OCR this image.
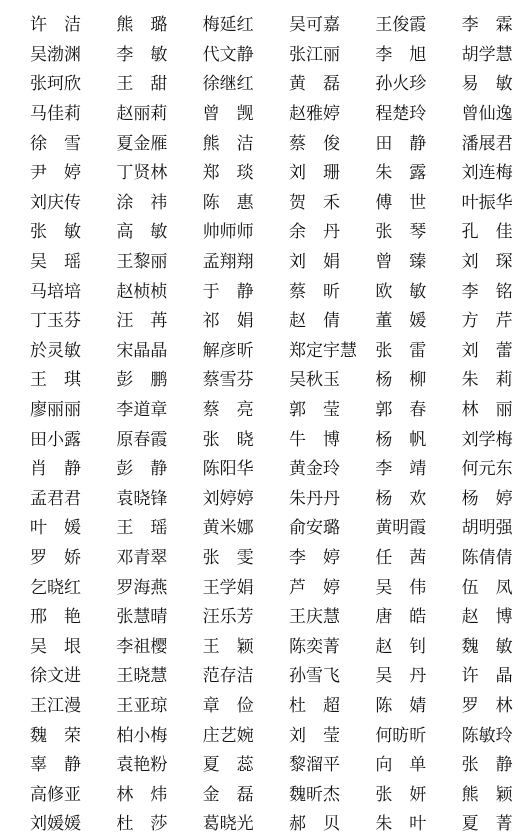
许　洁	熊　璐	梅延红	吴可嘉	王俊霞	李　霖
吴渤渊	李　敏	代文静	张江丽	李　旭	胡学慧
张珂欣	王　甜	徐继红	黄　磊	孙火珍	易　敏
马佳莉	赵丽莉	曾　觊	赵雅婷	程楚玲	曾仙逸
徐　雪	夏金雁	熊　洁	蔡　俊	田　静	潘展君
尹　婷	丁贤林	郑　琰	刘　珊	朱　露	刘连梅
刘庆传	涂　祎	陈　惠	贺　禾	傅　世	叶振华
张　敏	高　敏	帅师师	余　丹	张　琴	孔　佳
吴　瑶	王黎丽	孟翔翔	刘　娟	曾　臻	刘　琛
马培培	赵桢桢	于　静	蔡　昕	欧　敏	李　铭
丁玉芬	汪　苒	祁　娟	赵　倩	董　媛	方　芹
於灵敏	宋晶晶	解彦昕	郑定宇慧	张　雷	刘　蕾
王　琪	彭　鹏	蔡雪芬	吴秋玉	杨　柳	朱　莉
廖丽丽	李道章	蔡　亮	郭　莹	郭　春	林　丽
田小露	原春霞	张　晓	牛　博	杨　帆	刘学梅
肖　静	彭　静	陈阳华	黄金玲	李　靖	何元东
孟君君	袁晓锋	刘婷婷	朱丹丹	杨　欢	杨　婷
叶　媛	王　瑶	黄米娜	俞安璐	黄明霞	胡明强
罗　娇	邓青翠	张　雯	李　婷	任　茜	陈倩倩
乞晓红	罗海燕	王学娟	芦　婷	吴　伟	伍　凤
邢　艳	张慧晴	汪乐芳	王庆慧	唐　皓	赵　博
吴　垠	李祖樱	王　颖	陈奕菁	赵　钊	魏　敏
徐文进	王晓慧	范存洁	孙雪飞	吴　丹	许　晶
王江漫	王亚琼	章　俭	杜　超	陈　婧	罗　林
魏　荣	柏小梅	庄艺婉	刘　莹	何昉昕	陈敏玲
辜　静	袁艳粉	夏　蕊	黎溜平	向　单	张　静
高修亚	林　炜	金　磊	魏昕杰	张　妍	熊　颖
刘媛媛	杜　莎	葛晓光	郝　贝	朱　叶	夏　菁
